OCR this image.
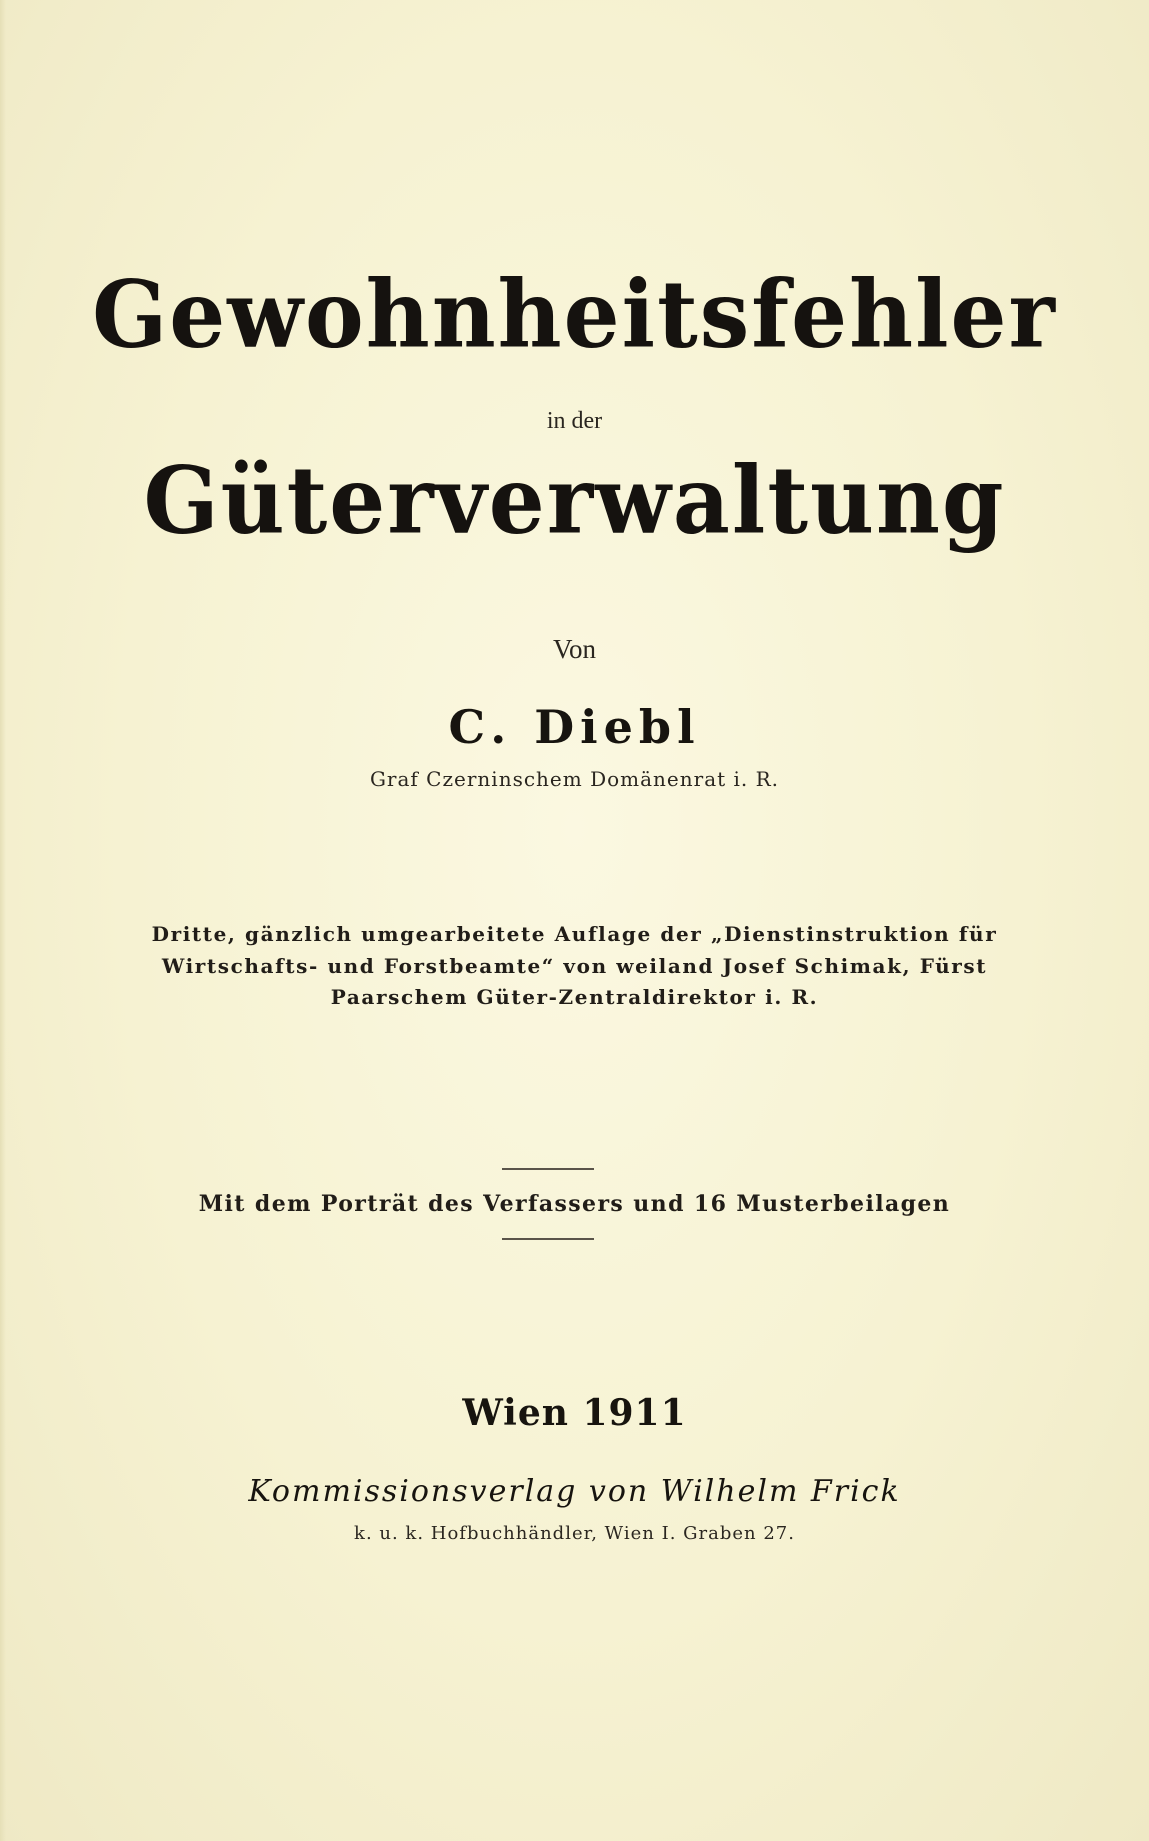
Gewohnheitsfehler
in der
Güterverwaltung
Von
C. Diebl
Graf Czerninschem Domänenrat i. R.
Dritte, gänzlich umgearbeitete Auflage der „Dienstinstruktion für
Wirtschafts- und Forstbeamte“ von weiland Josef Schimak, Fürst
Paarschem Güter-Zentraldirektor i. R.
Mit dem Porträt des Verfassers und 16 Musterbeilagen
Wien 1911
Kommissionsverlag von Wilhelm Frick
k. u. k. Hofbuchhändler, Wien I. Graben 27.
